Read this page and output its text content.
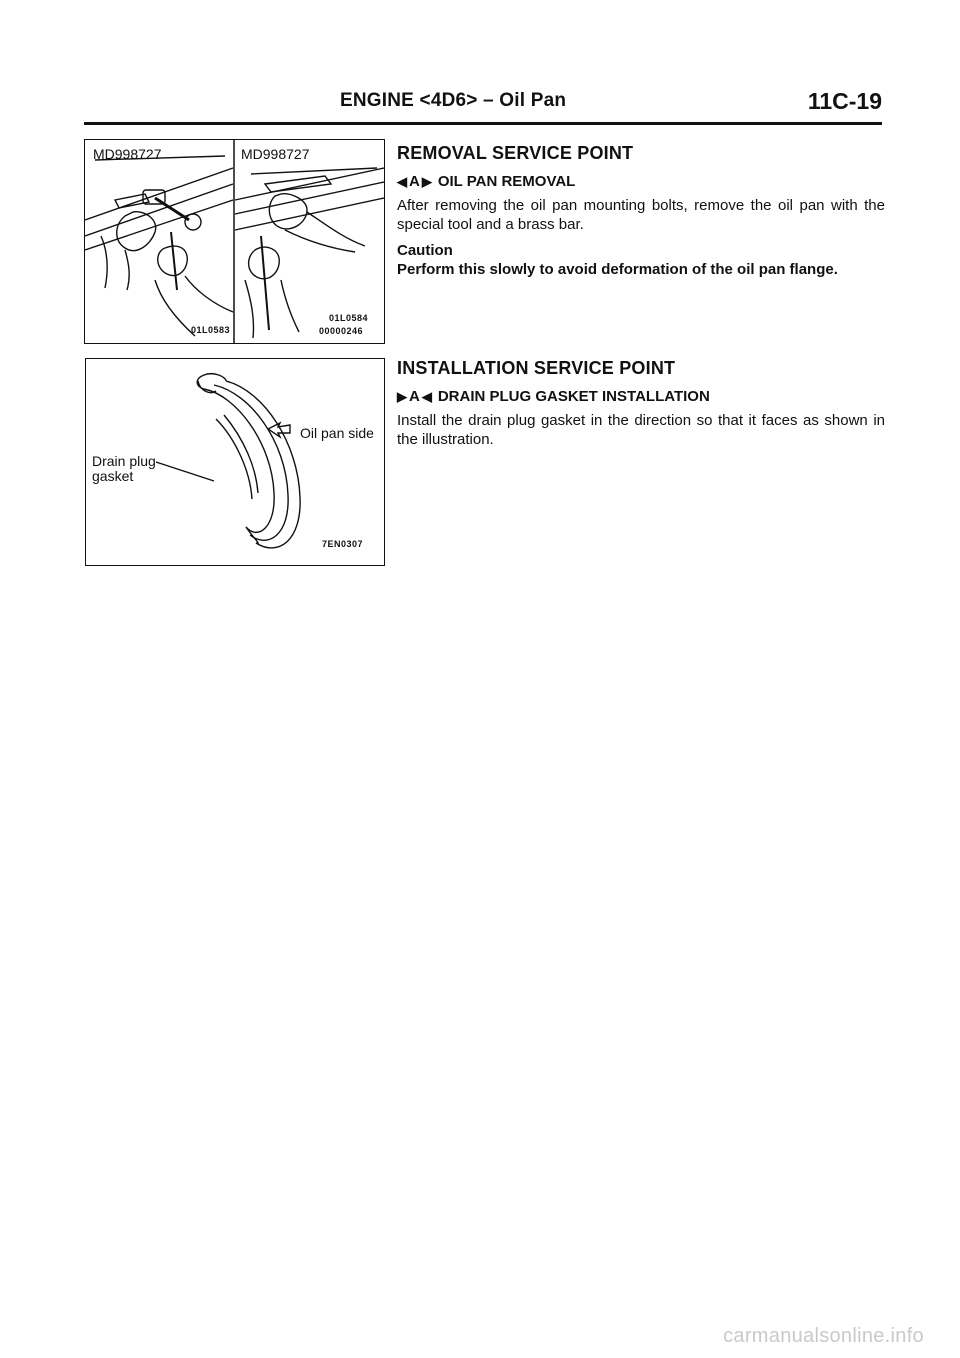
ENGINE <4D6> – Oil Pan	11C-19
MD998727	MD998727
01L0583
01L0584
00000246
Oil pan side
Drain plug
gasket
7EN0307
REMOVAL SERVICE POINT
◀ A ▶ OIL PAN REMOVAL

After removing the oil pan mounting bolts, remove the oil pan with the special tool and a brass bar.

Caution
Perform this slowly to avoid deformation of the oil pan flange.
INSTALLATION SERVICE POINT
▶ A ◀ DRAIN PLUG GASKET INSTALLATION

Install the drain plug gasket in the direction so that it faces as shown in the illustration.

carmanualsonline.info
